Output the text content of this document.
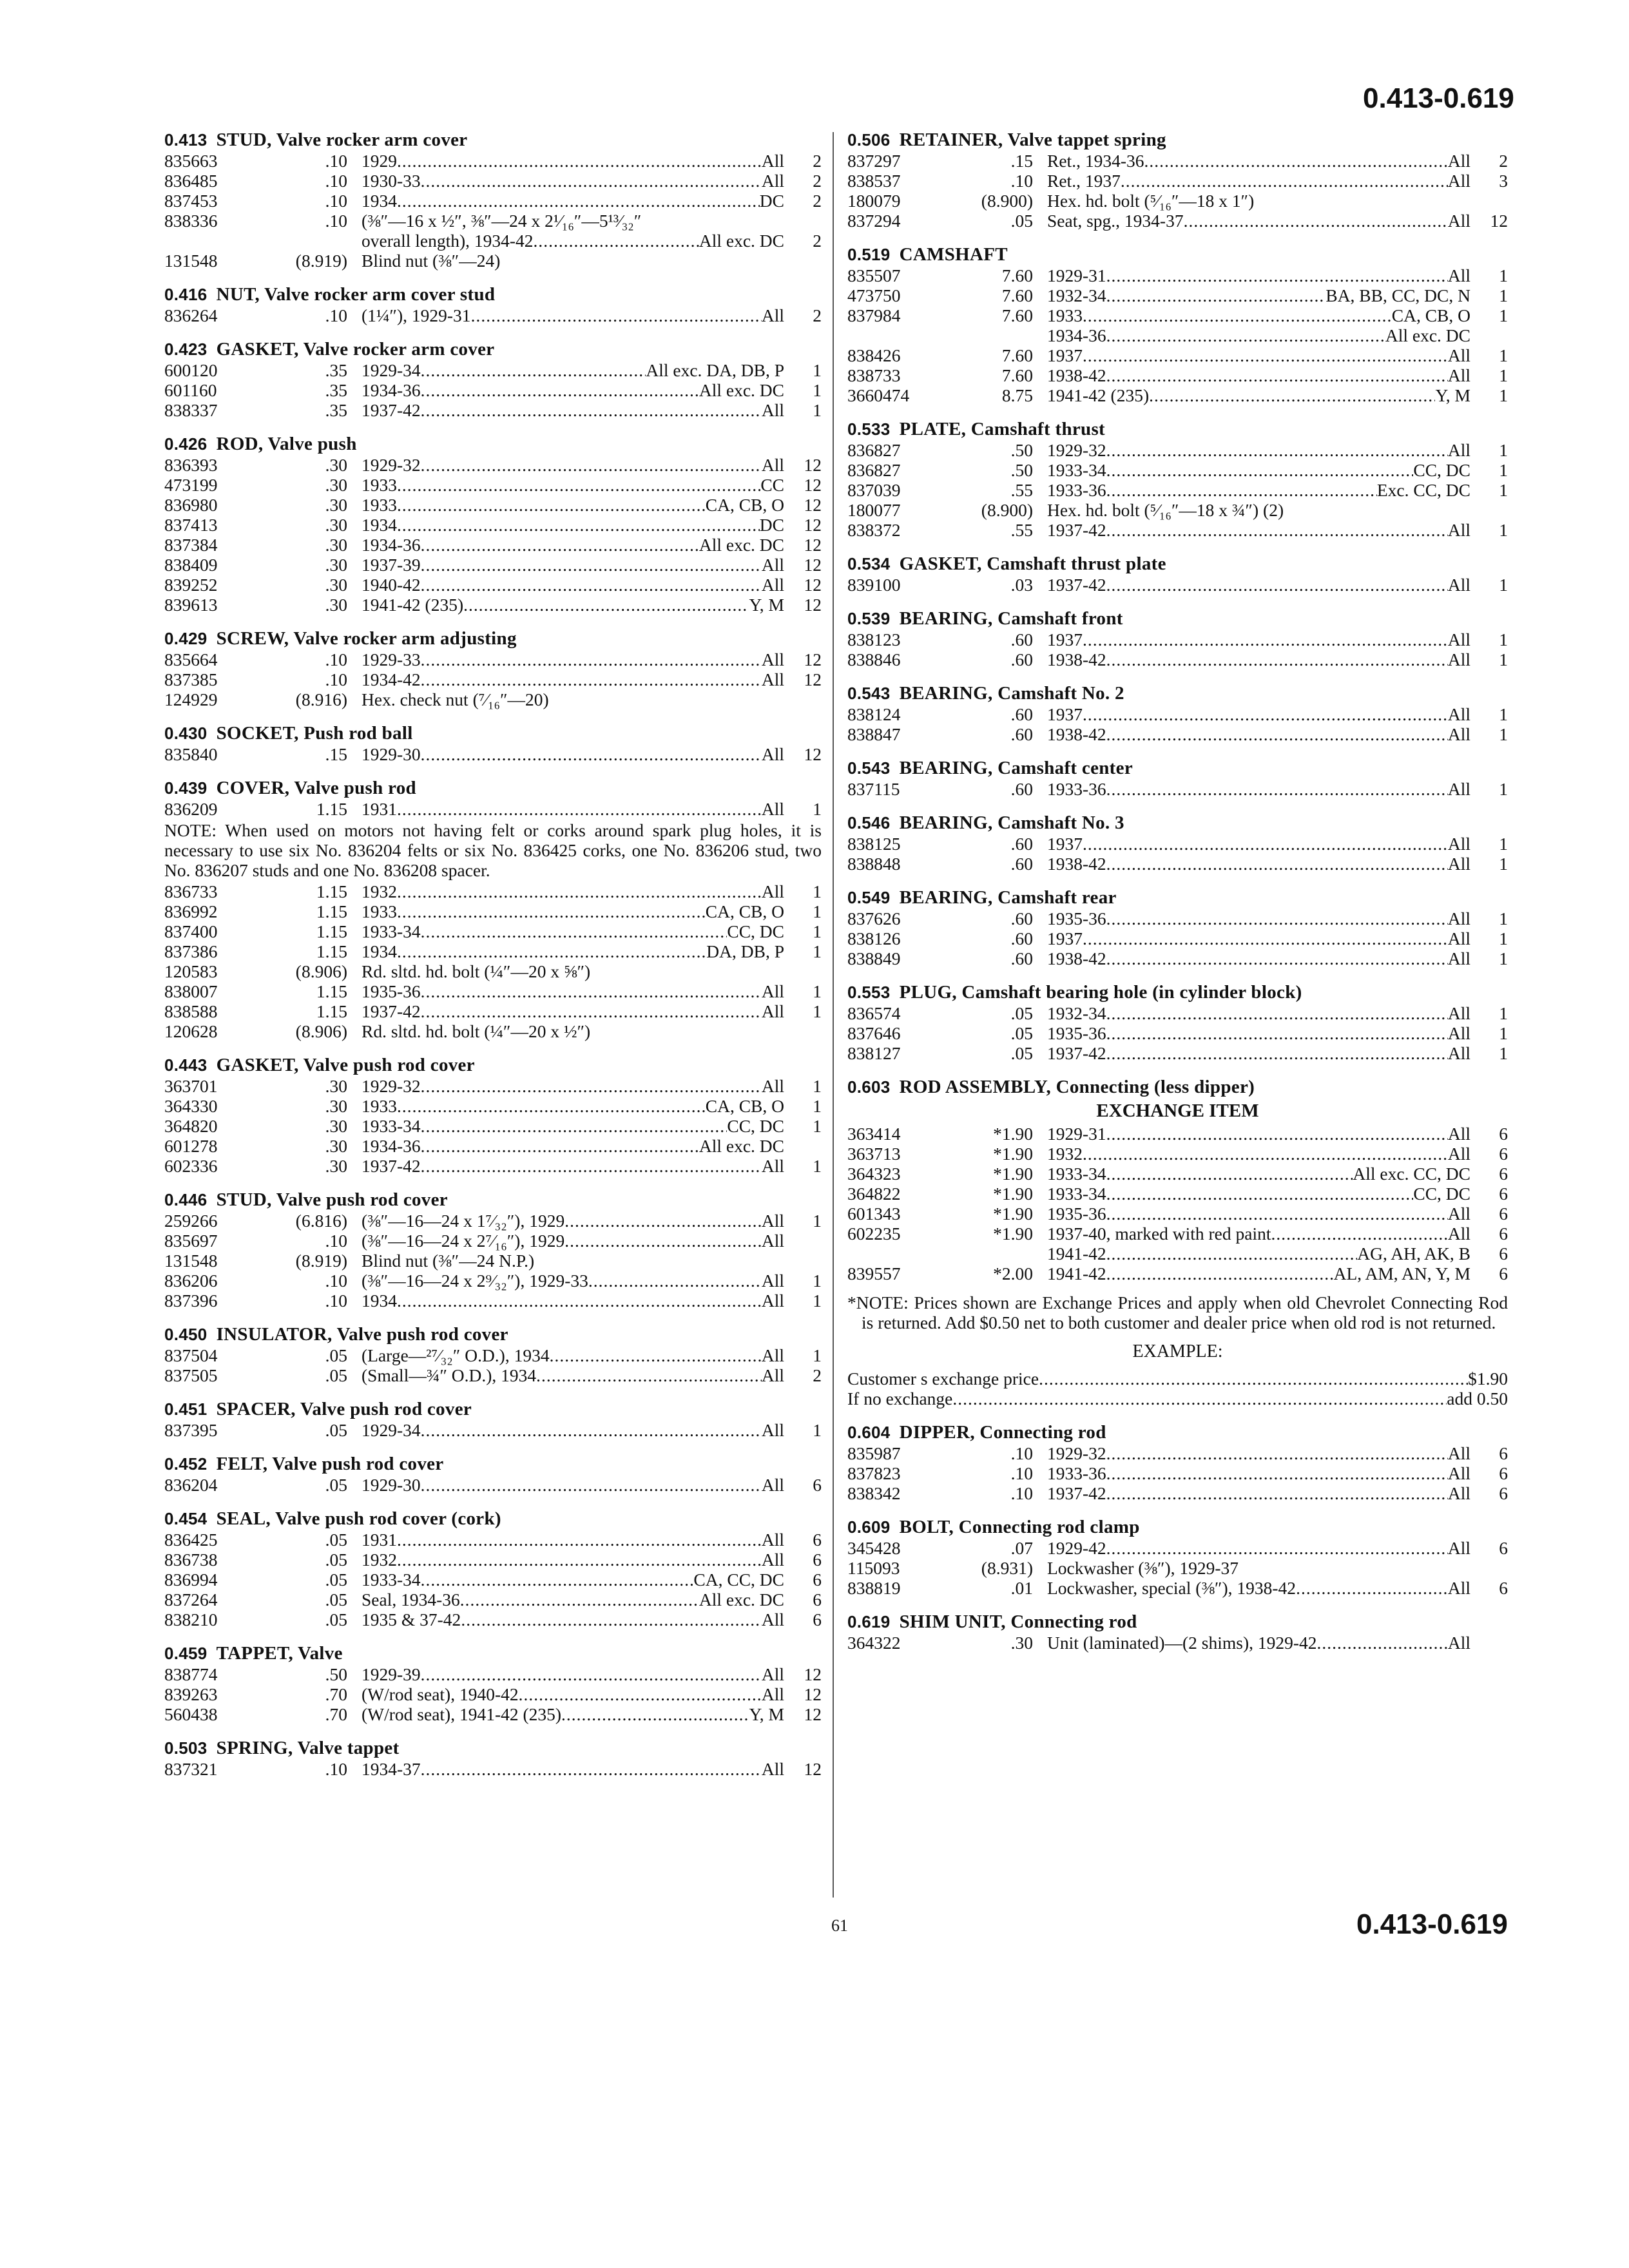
0.413-0.619
0.413-0.619
0.413 STUD, Valve rocker arm cover
835663	.10 1929 .....	All	2
836485	.10 1930-33 .....	All	2
837453	.10 1934 .....	DC	2
838336	.10 (⅜″—16 x ½″, ⅜″—24 x 2¹⁄₁₆″—5¹³⁄₃₂″
overall length), 1934-42 .....	All exc. DC	2
131548	(8.919) Blind nut (⅜″—24)
0.416 NUT, Valve rocker arm cover stud
836264	.10 (1¼″), 1929-31 .....	All	2
0.423 GASKET, Valve rocker arm cover
600120	.35 1929-34 .....	All exc. DA, DB, P	1
601160	.35 1934-36 .....	All exc. DC	1
838337	.35 1937-42 .....	All	1
0.426 ROD, Valve push
836393	.30 1929-32 .....	All	12
473199	.30 1933 .....	CC	12
836980	.30 1933 .....	CA, CB, O	12
837413	.30 1934 .....	DC	12
837384	.30 1934-36 .....	All exc. DC	12
838409	.30 1937-39 .....	All	12
839252	.30 1940-42 .....	All	12
839613	.30 1941-42 (235) .....	Y, M	12
0.429 SCREW, Valve rocker arm adjusting
835664	.10 1929-33 .....	All	12
837385	.10 1934-42 .....	All	12
124929	(8.916) Hex. check nut (⁷⁄₁₆″—20)
0.430 SOCKET, Push rod ball
835840	.15 1929-30 .....	All	12
0.439 COVER, Valve push rod
836209	1.15 1931 .....	All	1
NOTE: When used on motors not having felt or corks around spark plug holes, it is necessary to use six No. 836204 felts or six No. 836425 corks, one No. 836206 stud, two No. 836207 studs and one No. 836208 spacer.
836733	1.15 1932 .....	All	1
836992	1.15 1933 .....	CA, CB, O	1
837400	1.15 1933-34 .....	CC, DC	1
837386	1.15 1934 .....	DA, DB, P	1
120583	(8.906) Rd. sltd. hd. bolt (¼″—20 x ⅝″)
838007	1.15 1935-36 .....	All	1
838588	1.15 1937-42 .....	All	1
120628	(8.906) Rd. sltd. hd. bolt (¼″—20 x ½″)
0.443 GASKET, Valve push rod cover
363701	.30 1929-32 .....	All	1
364330	.30 1933 .....	CA, CB, O	1
364820	.30 1933-34 .....	CC, DC	1
601278	.30 1934-36 .....	All exc. DC
602336	.30 1937-42 .....	All	1
0.446 STUD, Valve push rod cover
259266	(6.816) (⅜″—16—24 x 1⁷⁄₃₂″), 1929 .....	All	1
835697	.10 (⅜″—16—24 x 2⁷⁄₁₆″), 1929 .....	All
131548	(8.919) Blind nut (⅜″—24 N.P.)
836206	.10 (⅜″—16—24 x 2⁹⁄₃₂″), 1929-33 .....	All	1
837396	.10 1934 .....	All	1
0.450 INSULATOR, Valve push rod cover
837504	.05 (Large—²⁷⁄₃₂″ O.D.), 1934 .....	All	1
837505	.05 (Small—¾″ O.D.), 1934 .....	All	2
0.451 SPACER, Valve push rod cover
837395	.05 1929-34 .....	All	1
0.452 FELT, Valve push rod cover
836204	.05 1929-30 .....	All	6
0.454 SEAL, Valve push rod cover (cork)
836425	.05 1931 .....	All	6
836738	.05 1932 .....	All	6
836994	.05 1933-34 .....	CA, CC, DC	6
837264	.05 Seal, 1934-36 .....	All exc. DC	6
838210	.05 1935 & 37-42 .....	All	6
0.459 TAPPET, Valve
838774	.50 1929-39 .....	All	12
839263	.70 (W/rod seat), 1940-42 .....	All	12
560438	.70 (W/rod seat), 1941-42 (235) .....	Y, M	12
0.503 SPRING, Valve tappet
837321	.10 1934-37 .....	All	12
0.506 RETAINER, Valve tappet spring
837297	.15 Ret., 1934-36 .....	All	2
838537	.10 Ret., 1937 .....	All	3
180079	(8.900) Hex. hd. bolt (⁵⁄₁₆″—18 x 1″)
837294	.05 Seat, spg., 1934-37 .....	All	12
0.519 CAMSHAFT
835507	7.60 1929-31 .....	All	1
473750	7.60 1932-34 .....	BA, BB, CC, DC, N	1
837984	7.60 1933 .....	CA, CB, O	1
1934-36 .....	All exc. DC
838426	7.60 1937 .....	All	1
838733	7.60 1938-42 .....	All	1
3660474	8.75 1941-42 (235) .....	Y, M	1
0.533 PLATE, Camshaft thrust
836827	.50 1929-32 .....	All	1
836827	.50 1933-34 .....	CC, DC	1
837039	.55 1933-36 .....	Exc. CC, DC	1
180077	(8.900) Hex. hd. bolt (⁵⁄₁₆″—18 x ¾″) (2)
838372	.55 1937-42 .....	All	1
0.534 GASKET, Camshaft thrust plate
839100	.03 1937-42 .....	All	1
0.539 BEARING, Camshaft front
838123	.60 1937 .....	All	1
838846	.60 1938-42 .....	All	1
0.543 BEARING, Camshaft No. 2
838124	.60 1937 .....	All	1
838847	.60 1938-42 .....	All	1
0.543 BEARING, Camshaft center
837115	.60 1933-36 .....	All	1
0.546 BEARING, Camshaft No. 3
838125	.60 1937 .....	All	1
838848	.60 1938-42 .....	All	1
0.549 BEARING, Camshaft rear
837626	.60 1935-36 .....	All	1
838126	.60 1937 .....	All	1
838849	.60 1938-42 .....	All	1
0.553 PLUG, Camshaft bearing hole (in cylinder block)
836574	.05 1932-34 .....	All	1
837646	.05 1935-36 .....	All	1
838127	.05 1937-42 .....	All	1
0.603 ROD ASSEMBLY, Connecting (less dipper)
EXCHANGE ITEM
363414	*1.90 1929-31 .....	All	6
363713	*1.90 1932 .....	All	6
364323	*1.90 1933-34 .....	All exc. CC, DC	6
364822	*1.90 1933-34 .....	CC, DC	6
601343	*1.90 1935-36 .....	All	6
602235	*1.90 1937-40, marked with red paint .....	All	6
1941-42 .....	AG, AH, AK, B	6
839557	*2.00 1941-42 .....	AL, AM, AN, Y, M	6
*NOTE: Prices shown are Exchange Prices and apply when old Chevrolet Connecting Rod is returned. Add $0.50 net to both customer and dealer price when old rod is not returned.
EXAMPLE:
Customer s exchange price .....	$1.90
If no exchange .....	add 0.50
0.604 DIPPER, Connecting rod
835987	.10 1929-32 .....	All	6
837823	.10 1933-36 .....	All	6
838342	.10 1937-42 .....	All	6
0.609 BOLT, Connecting rod clamp
345428	.07 1929-42 .....	All	6
115093	(8.931) Lockwasher (⅜″), 1929-37
838819	.01 Lockwasher, special (⅜″), 1938-42 .....	All	6
0.619 SHIM UNIT, Connecting rod
364322	.30 Unit (laminated)—(2 shims), 1929-42 .....	All
61
